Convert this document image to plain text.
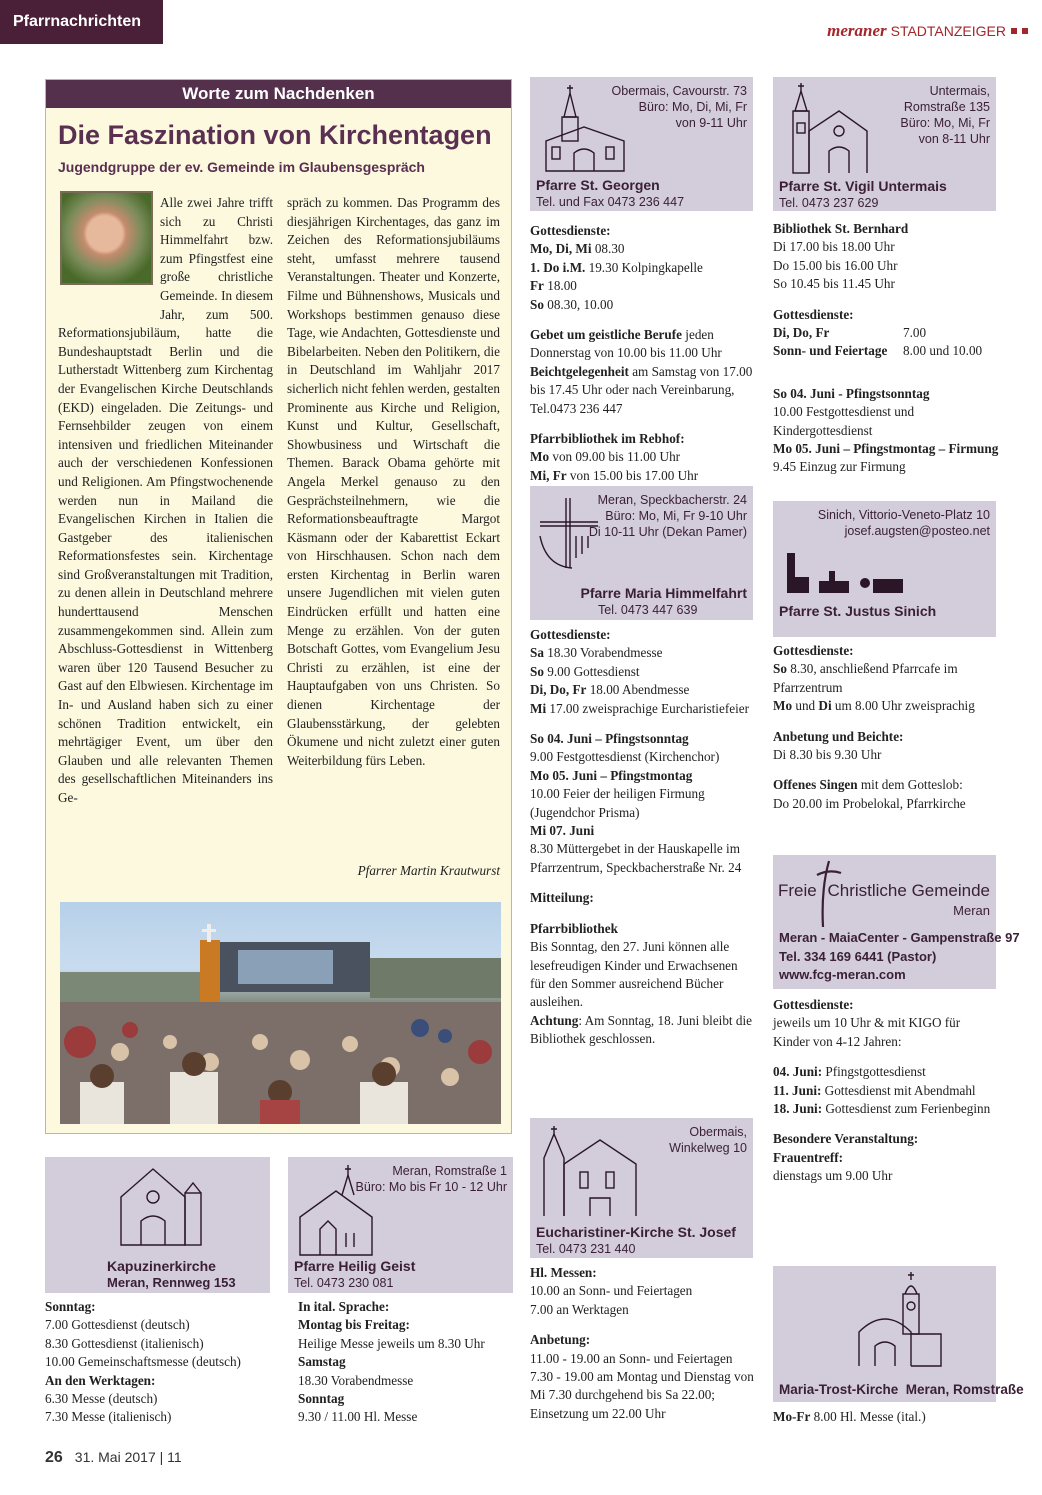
Pfarrnachrichten	meraner STADTANZEIGER
Worte zum Nachdenken
Die Faszination von Kirchentagen
Jugendgruppe der ev. Gemeinde im Glaubensgespräch

Alle zwei Jahre trifft sich zu Christi Himmelfahrt bzw. zum Pfingstfest eine große christliche Gemeinde. In diesem Jahr, zum 500. Reformationsjubiläum, hatte die Bundeshauptstadt Berlin und die Lutherstadt Wittenberg zum Kirchentag der Evangelischen Kirche Deutschlands (EKD) eingeladen. Die Zeitungs- und Fernsehbilder zeugen von einem intensiven und friedlichen Miteinander auch der verschiedenen Konfessionen und Religionen. Am Pfingstwochenende werden nun in Mailand die Evangelischen Kirchen in Italien die Gastgeber des italienischen Reformationsfestes sein. Kirchentage sind Großveranstaltungen mit Tradition, zu denen allein in Deutschland mehrere hunderttausend Menschen zusammengekommen sind. Allein zum Abschluss-Gottesdienst in Wittenberg waren über 120 Tausend Besucher zu Gast auf den Elbwiesen. Kirchentage im In- und Ausland haben sich zu einer schönen Tradition entwickelt, ein mehrtägiger Event, um über den Glauben und alle relevanten Themen des gesellschaftlichen Miteinanders ins Ge-

spräch zu kommen. Das Programm des diesjährigen Kirchentages, das ganz im Zeichen des Reformationsjubiläums steht, umfasst mehrere tausend Veranstaltungen. Theater und Konzerte, Filme und Bühnenshows, Musicals und Workshops bestimmen genauso diese Tage, wie Andachten, Gottesdienste und Bibelarbeiten. Neben den Politikern, die in Deutschland im Wahljahr 2017 sicherlich nicht fehlen werden, gestalten Prominente aus Kirche und Religion, Kunst und Kultur, Gesellschaft, Showbusiness und Wirtschaft die Themen. Barack Obama gehörte mit Angela Merkel genauso zu den Gesprächsteilnehmern, wie die Reformationsbeauftragte Margot Käsmann oder der Kabarettist Eckart von Hirschhausen. Schon nach dem ersten Kirchentag in Berlin waren unsere Jugendlichen mit vielen guten Eindrücken erfüllt und hatten eine Menge zu erzählen. Von der guten Botschaft Gottes, vom Evangelium Jesu Christi zu erzählen, ist eine der Hauptaufgaben von uns Christen. So dienen Kirchentage der Glaubensstärkung, der gelebten Ökumene und nicht zuletzt einer guten Weiterbildung fürs Leben.

Pfarrer Martin Krautwurst
Obermais, Cavourstr. 73
Büro: Mo, Di, Mi, Fr
von 9-11 Uhr
Pfarre St. Georgen
Tel. und Fax 0473 236 447

Gottesdienste:

Mo, Di, Mi 08.30

1. Do i.M. 19.30 Kolpingkapelle

Fr 18.00

So 08.30, 10.00

Gebet um geistliche Berufe jeden Donnerstag von 10.00 bis 11.00 Uhr

Beichtgelegenheit am Samstag von 17.00 bis 17.45 Uhr oder nach Vereinbarung, Tel.0473 236 447

Pfarrbibliothek im Rebhof:

Mo von 09.00 bis 11.00 Uhr

Mi, Fr von 15.00 bis 17.00 Uhr

Untermais,
Romstraße 135
Büro: Mo, Mi, Fr
von 8-11 Uhr
Pfarre St. Vigil Untermais
Tel. 0473 237 629

Bibliothek St. Bernhard

Di 17.00 bis 18.00 Uhr

Do 15.00 bis 16.00 Uhr

So 10.45 bis 11.45 Uhr

Gottesdienste:

Di, Do, Fr	7.00
Sonn- und Feiertage	8.00 und 10.00

So 04. Juni - Pfingstsonntag

10.00 Festgottesdienst und Kindergottesdienst

Mo 05. Juni – Pfingstmontag – Firmung

9.45 Einzug zur Firmung

Meran, Speckbacherstr. 24
Büro: Mo, Mi, Fr 9-10 Uhr
Di 10-11 Uhr (Dekan Pamer)
Pfarre Maria Himmelfahrt
Tel. 0473 447 639

Gottesdienste:

Sa 18.30 Vorabendmesse

So 9.00 Gottesdienst

Di, Do, Fr 18.00 Abendmesse

Mi 17.00 zweisprachige Eurcharistiefeier

So 04. Juni – Pfingstsonntag

9.00 Festgottesdienst (Kirchenchor)

Mo 05. Juni – Pfingstmontag

10.00 Feier der heiligen Firmung (Jugendchor Prisma)

Mi 07. Juni

8.30 Müttergebet in der Hauskapelle im Pfarrzentrum, Speckbacherstraße Nr. 24

Mitteilung:

Pfarrbibliothek

Bis Sonntag, den 27. Juni können alle lesefreudigen Kinder und Erwachsenen für den Sommer ausreichend Bücher ausleihen.

Achtung: Am Sonntag, 18. Juni bleibt die Bibliothek geschlossen.

Sinich, Vittorio-Veneto-Platz 10
josef.augsten@posteo.net
Pfarre St. Justus Sinich

Gottesdienste:

So 8.30, anschließend Pfarrcafe im Pfarrzentrum

Mo und Di um 8.00 Uhr zweisprachig

Anbetung und Beichte:

Di 8.30 bis 9.30 Uhr

Offenes Singen mit dem Gotteslob:

Do 20.00 im Probelokal, Pfarrkirche

Freie Christliche Gemeinde
Meran
Meran - MaiaCenter - Gampenstraße 97
Tel. 334 169 6441 (Pastor)
www.fcg-meran.com

Gottesdienste:

jeweils um 10 Uhr & mit KIGO für Kinder von 4-12 Jahren:

04. Juni: Pfingstgottesdienst

11. Juni: Gottesdienst mit Abendmahl

18. Juni: Gottesdienst zum Ferienbeginn

Besondere Veranstaltung:

Frauentreff:

dienstags um 9.00 Uhr

Kapuzinerkirche
Meran, Rennweg 153

Sonntag:

7.00 Gottesdienst (deutsch)

8.30 Gottesdienst (italienisch)

10.00 Gemeinschaftsmesse (deutsch)

An den Werktagen:

6.30 Messe (deutsch)

7.30 Messe (italienisch)

Meran, Romstraße 1
Büro: Mo bis Fr 10 - 12 Uhr
Pfarre Heilig Geist
Tel. 0473 230 081

In ital. Sprache:

Montag bis Freitag:

Heilige Messe jeweils um 8.30 Uhr

Samstag

18.30 Vorabendmesse

Sonntag

9.30 / 11.00 Hl. Messe

Obermais,
Winkelweg 10
Eucharistiner-Kirche St. Josef
Tel. 0473 231 440

Hl. Messen:

10.00 an Sonn- und Feiertagen

7.00 an Werktagen

Anbetung:

11.00 - 19.00 an Sonn- und Feiertagen

7.30 - 19.00 am Montag und Dienstag von Mi 7.30 durchgehend bis Sa 22.00; Einsetzung um 22.00 Uhr

Maria-Trost-Kirche Meran, Romstraße

Mo-Fr 8.00 Hl. Messe (ital.)

26 31. Mai 2017 | 11
